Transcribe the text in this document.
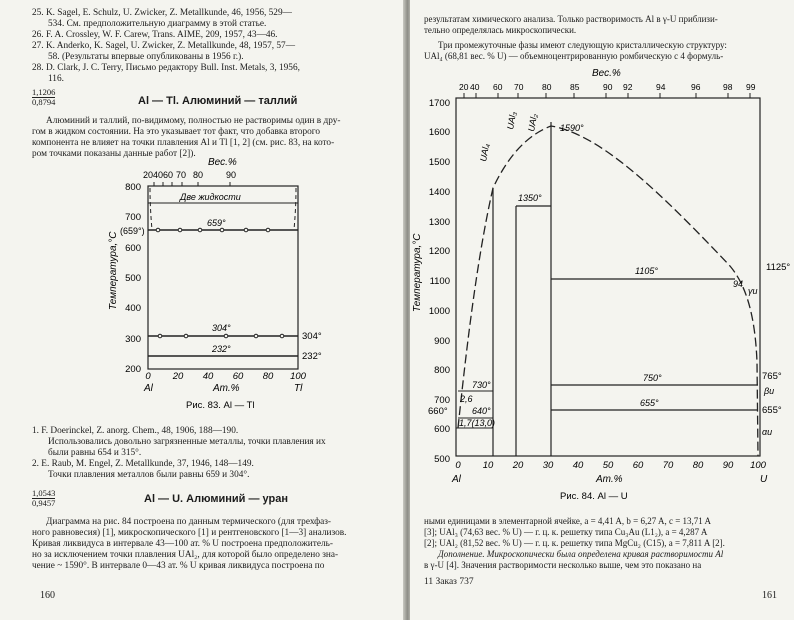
25. K. Sagel, E. Schulz, U. Zwicker, Z. Metallkunde, 46, 1956, 529—
534. См. предположительную диаграмму в этой статье.
26. F. A. Crossley, W. F. Carew, Trans. AIME, 209, 1957, 43—46.
27. K. Anderko, K. Sagel, U. Zwicker, Z. Metallkunde, 48, 1957, 57—
58. (Результаты впервые опубликованы в 1956 г.).
28. D. Clark, J. C. Terry, Письмо редактору Bull. Inst. Metals, 3, 1956,
116.
1,1206
0,8794	Al — Tl. Алюминий — таллий
Алюминий и таллий, по-видимому, полностью не растворимы один в дру-
гом в жидком состоянии. На это указывает тот факт, что добавка второго
компонента не влияет на точки плавления Al и Tl [1, 2] (см. рис. 83, на кото-
ром точками показаны данные работ [2]).
Вес.%
20 40 60 70 80	90
800
700
600
500
400
300
200
Температура,°С
(659°)
Две жидкости
659°
304°
304°
232°
232°
0 20 40 60 80 100
Al	Ат.%	Tl
Рис. 83. Al — Tl
1. F. Doerinckel, Z. anorg. Chem., 48, 1906, 188—190.
Использовались довольно загрязненные металлы, точки плавления их
были равны 654 и 315°.
2. E. Raub, M. Engel, Z. Metallkunde, 37, 1946, 148—149.
Точки плавления металлов были равны 659 и 304°.
1,0543
0,9457	Al — U. Алюминий — уран
Диаграмма на рис. 84 построена по данным термического (для трехфаз-
ного равновесия) [1], микроскопического [1] и рентгеновского [1—3] анализов.
Кривая ликвидуса в интервале 43—100 ат. % U построена предположитель-
но за исключением точки плавления UAl₂, для которой было определено зна-
чение ~ 1590°. В интервале 0—43 ат. % U кривая ликвидуса построена по
160
результатам химического анализа. Только растворимость Al в γ-U приблизи-
тельно определялась микроскопически.
Три промежуточные фазы имеют следующую кристаллическую структуру:
UAl₄ (68,81 вес. % U) — объемноцентрированную ромбическую с 4 формуль-
Вес.%
20 40 60 70 80 85	90 92	94	96	98 99
1700
1600
1500
1400
1300
1200
1100
1000
900
800
700
600
500
Температура,°С
UAl₄
UAl₃ UAl₂ 1590°
1350°
1105°	1125°
94
γu
730°
750°	765°
βu
2,6
640°
655°
655°
660°
1,7(13,0)
αu
0 10 20 30 40 50 60 70 80 90 100
Al	Ат.%	U
Рис. 84. Al — U
ными единицами в элементарной ячейке, a = 4,41 A, b = 6,27 A, c = 13,71 A
[3]; UAl₃ (74,63 вес. % U) — г. ц. к. решетку типа Cu₃Au (L1₂), a = 4,287 A
[2]; UAl₂ (81,52 вес. % U) — г. ц. к. решетку типа MgCu₂ (C15), a = 7,811 A [2].
Дополнение. Микроскопически была определена кривая растворимости Al
в γ-U [4]. Значения растворимости несколько выше, чем это показано на
11 Заказ 737
161
